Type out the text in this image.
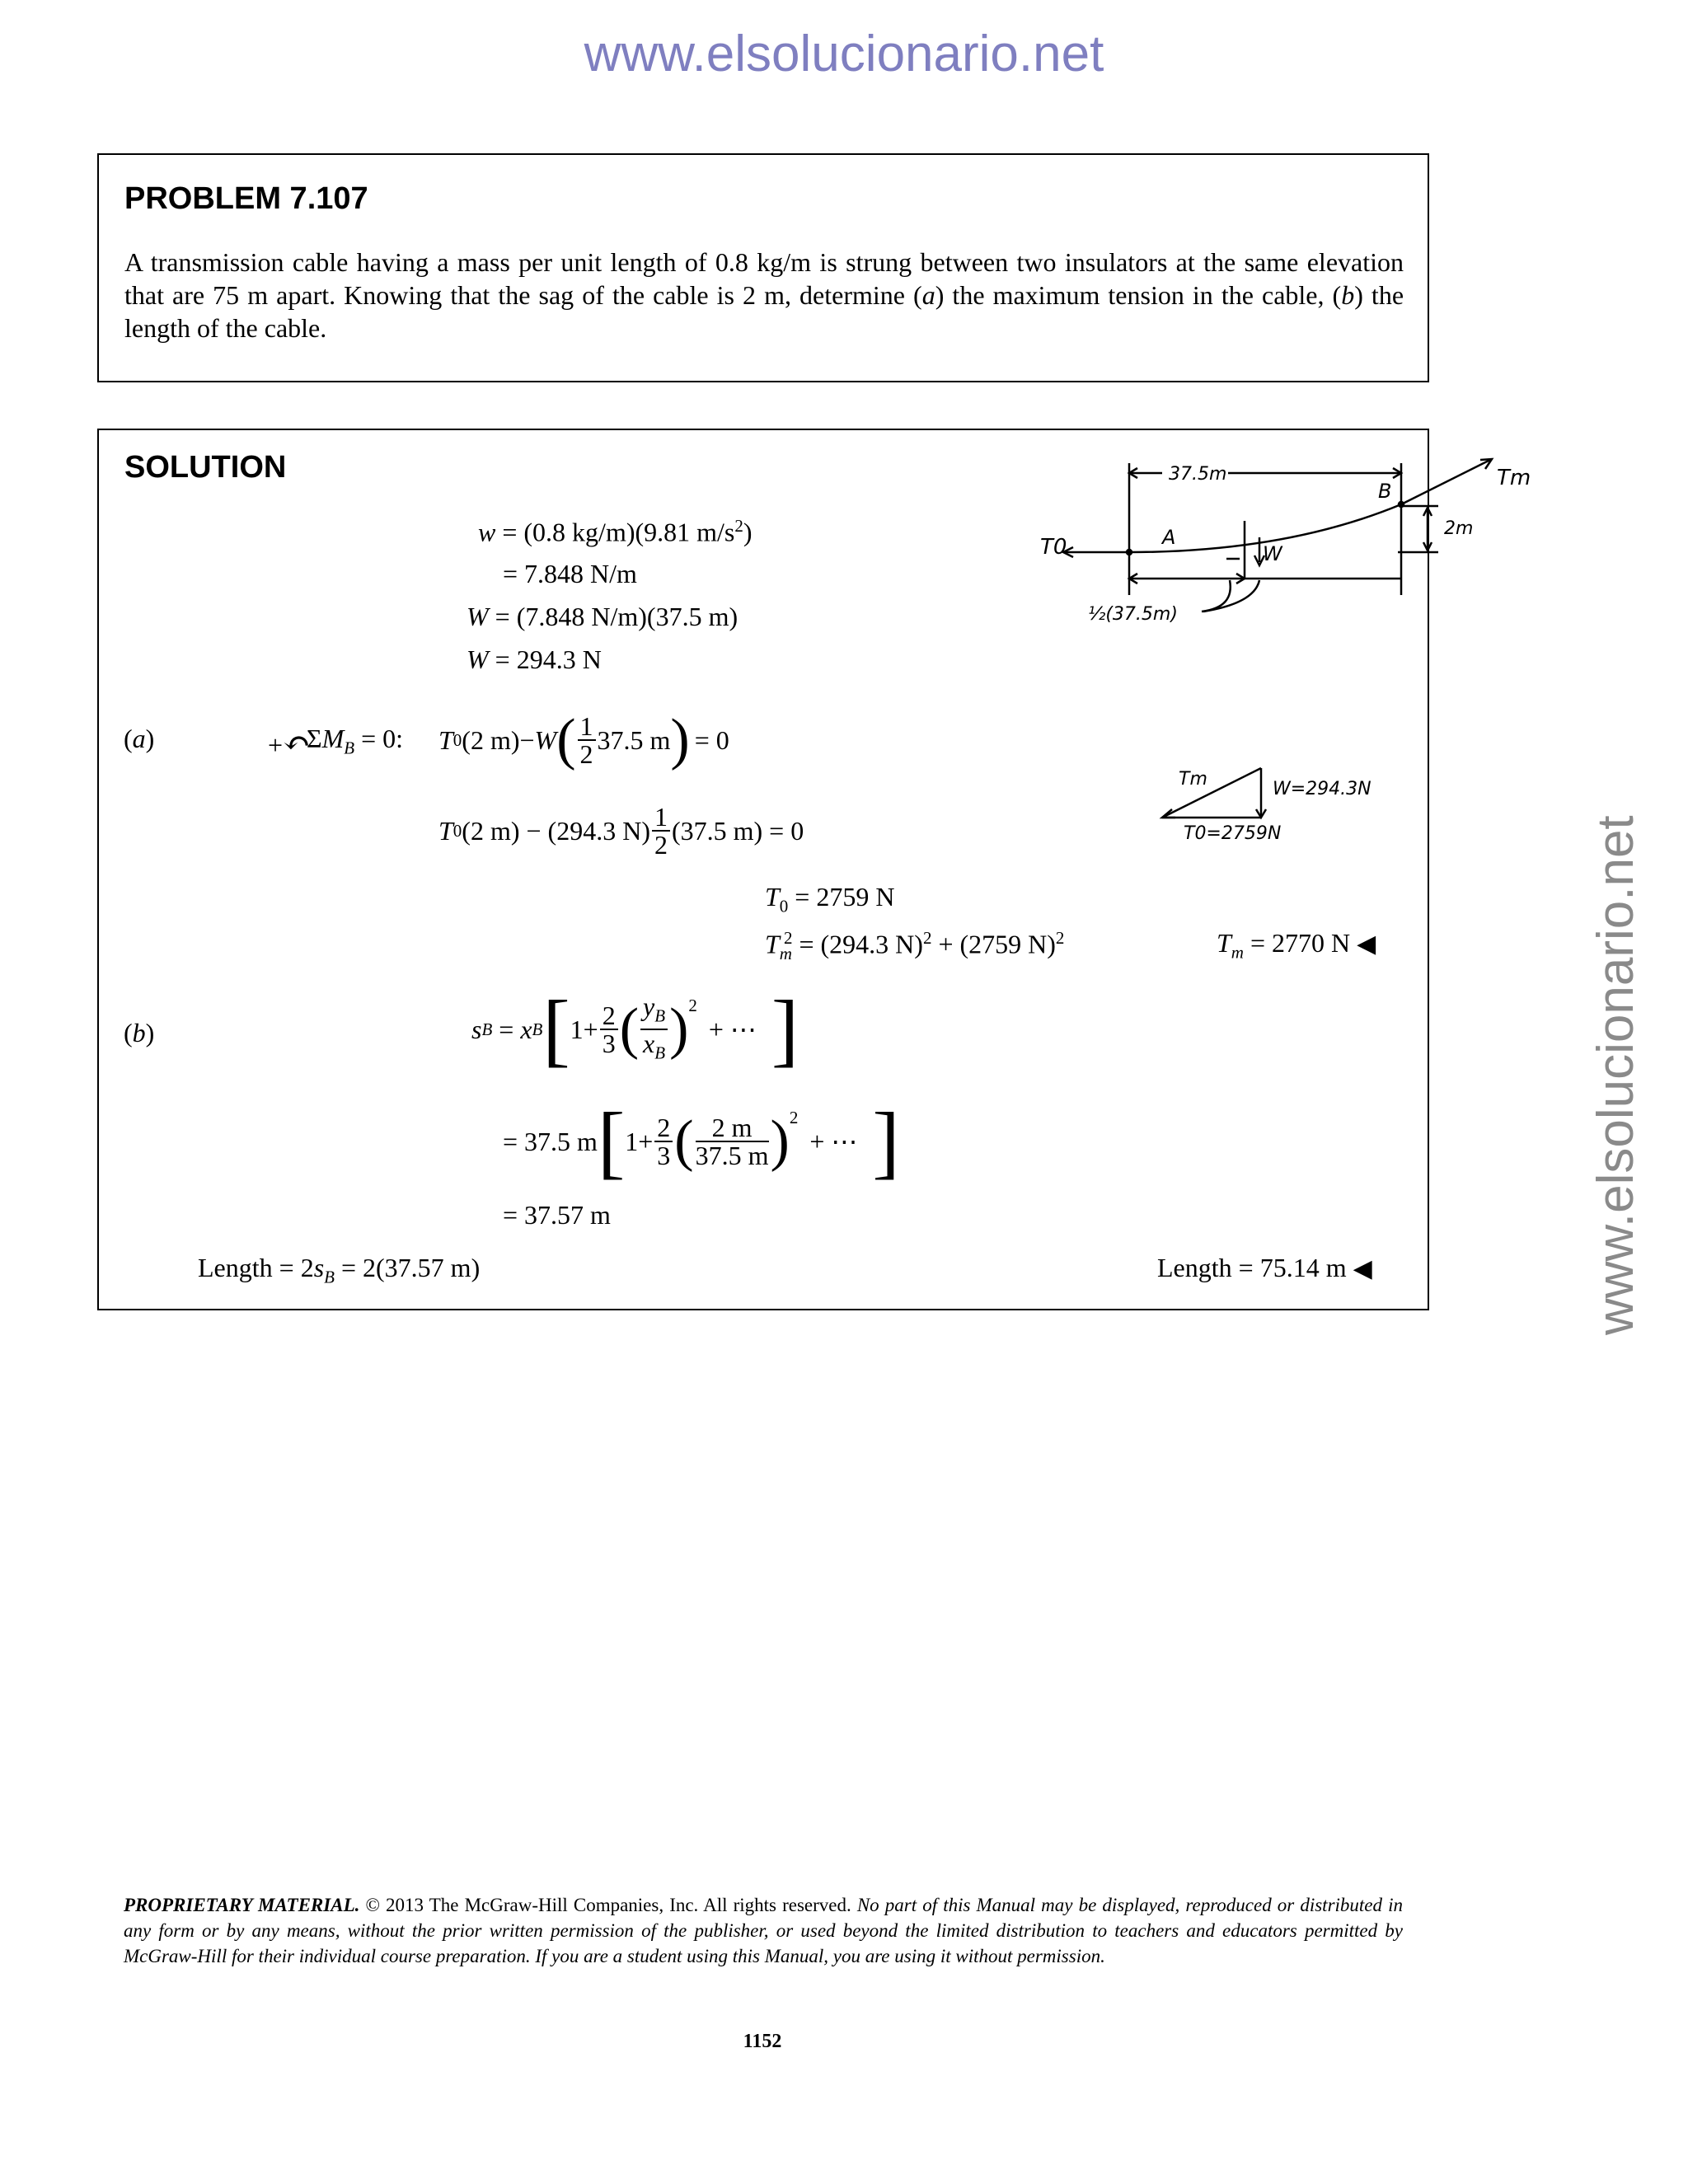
www.elsolucionario.net
www.elsolucionario.net
PROBLEM 7.107
A transmission cable having a mass per unit length of 0.8 kg/m is strung between two insulators at the same elevation that are 75 m apart. Knowing that the sag of the cable is 2 m, determine (a) the maximum tension in the cable, (b) the length of the cable.
SOLUTION
w = (0.8 kg/m)(9.81 $m/s^2$)
= 7.848 N/m
W = (7.848 N/m)(37.5 m)
W = 294.3 N
(a)	+↶
$\Sigma M_B = 0$: T 0 (2 m) − W ( $\frac{1}{2} 37.5$ m ) = 0
T 0 (2 m) − (294.3 $N) \frac{1}{2} (37.5$ m) = 0
$T_0 = 2759$ N
$T_m^2 = (294.3$ N)$^2$ + (2759 N)$^2$	$T_m = 2770$ N ◀
(b)	s B
=
x B [ $1+ \frac{2}{3}$ ( $\frac{y_B}{x_B} )^2$
+ ⋯ ]
= 37.5 m [ $1+ \frac{2}{3}$ ( $\frac{2 m}{37.5 m} )^2$
+ ⋯ ]
= 37.57 m
Length = $2s_B = 2(37.57$ m)	Length = 75.14 m ◀
37.5m
B
A
Tm
T0	W
2m
½(37.5m)
Tm	W=294.3N
T0=2759N
PROPRIETARY MATERIAL. © 2013 The McGraw-Hill Companies, Inc. All rights reserved. No part of this Manual may be displayed, reproduced or distributed in any form or by any means, without the prior written permission of the publisher, or used beyond the limited distribution to teachers and educators permitted by McGraw-Hill for their individual course preparation. If you are a student using this Manual, you are using it without permission.
1152
